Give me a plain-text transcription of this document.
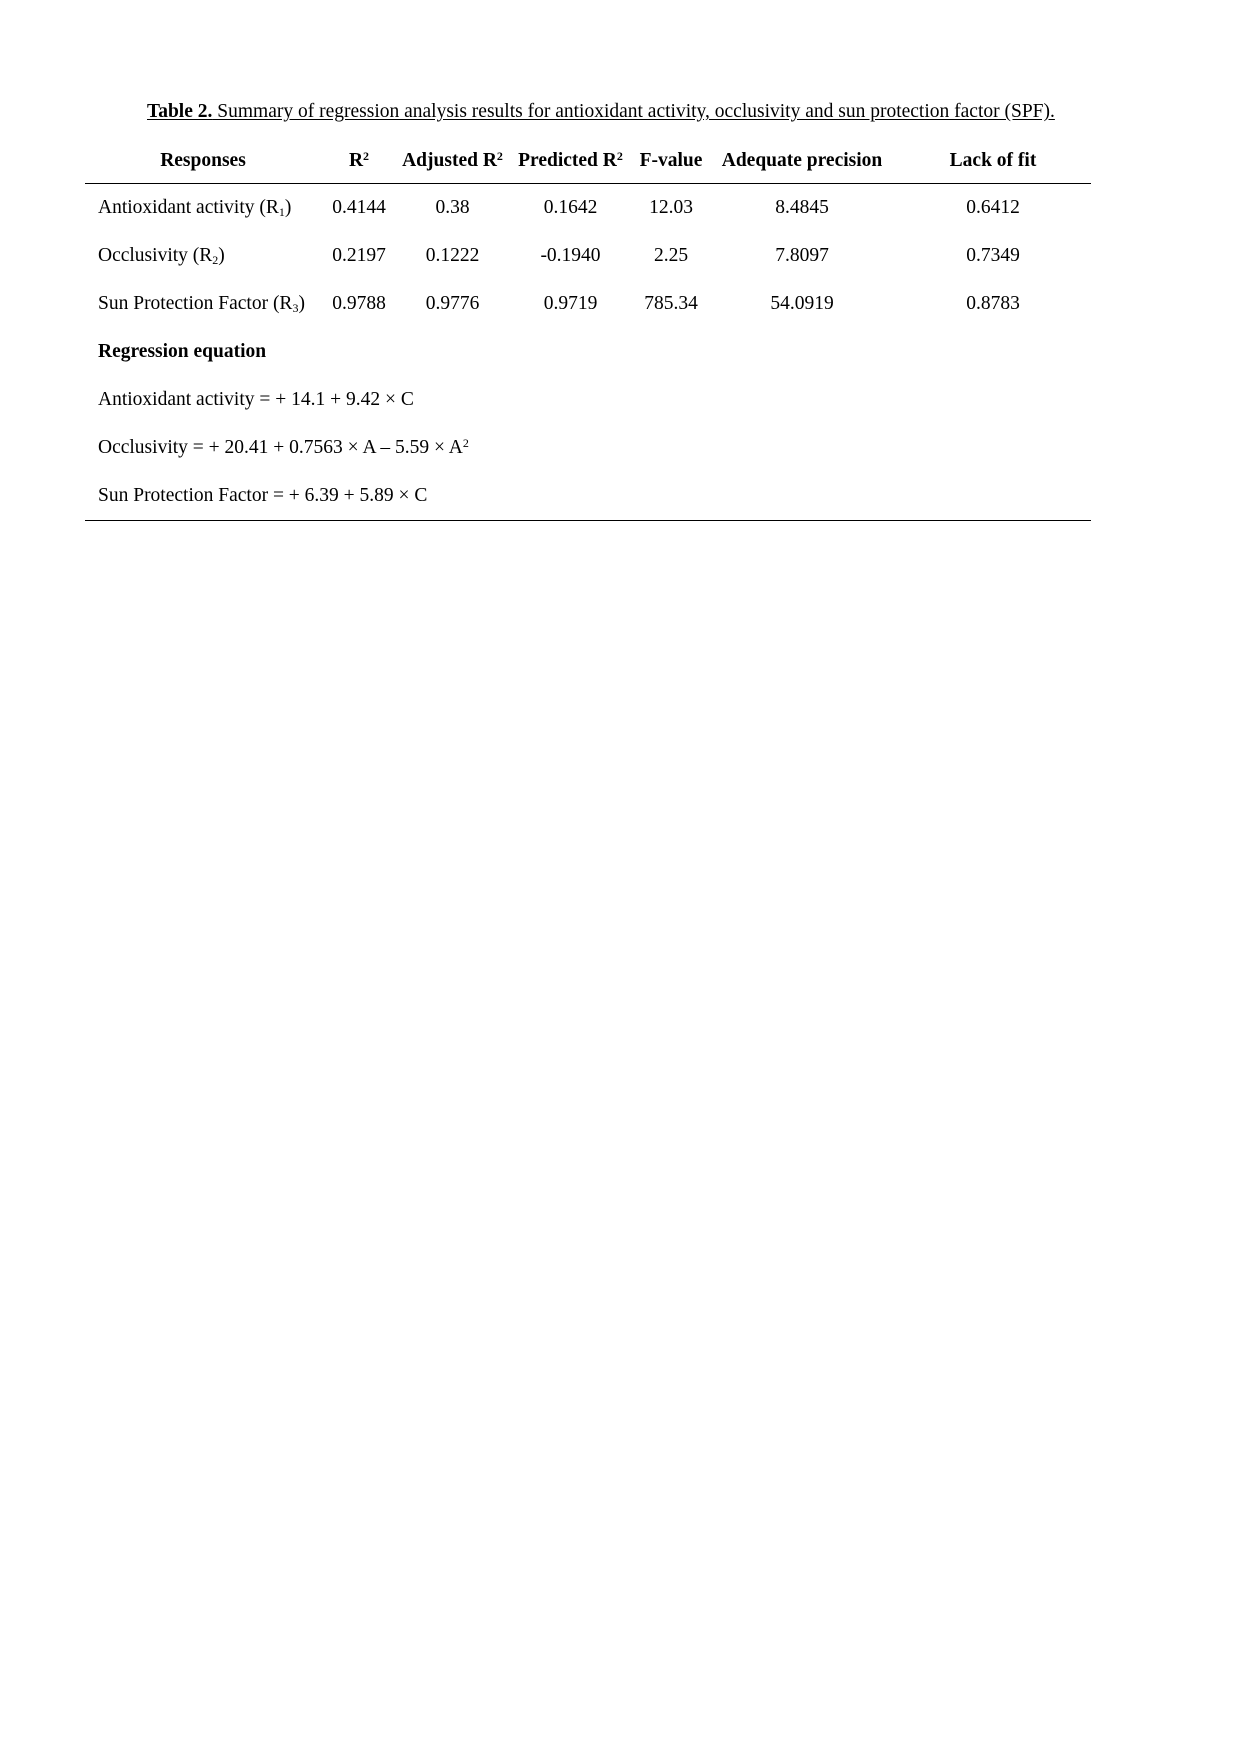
Table 2. Summary of regression analysis results for antioxidant activity, occlusivity and sun protection factor (SPF).
Responses	$R^2$	Adjusted $R^2$	Predicted $R^2$	F-value	Adequate precision	Lack of fit
Antioxidant activity $(R_1)$	0.4144	0.38	0.1642	12.03	8.4845	0.6412
Occlusivity $(R_2)$	0.2197	0.1222	-0.1940	2.25	7.8097	0.7349
Sun Protection Factor $(R_3)$	0.9788	0.9776	0.9719	785.34	54.0919	0.8783
Regression equation						
Antioxidant activity = + 14.1 + 9.42 × C						
Occlusivity = + $20.41 + 0.7563 \times A - 5.59 \times A^2$
Sun Protection Factor = + 6.39 + 5.89 × C						
